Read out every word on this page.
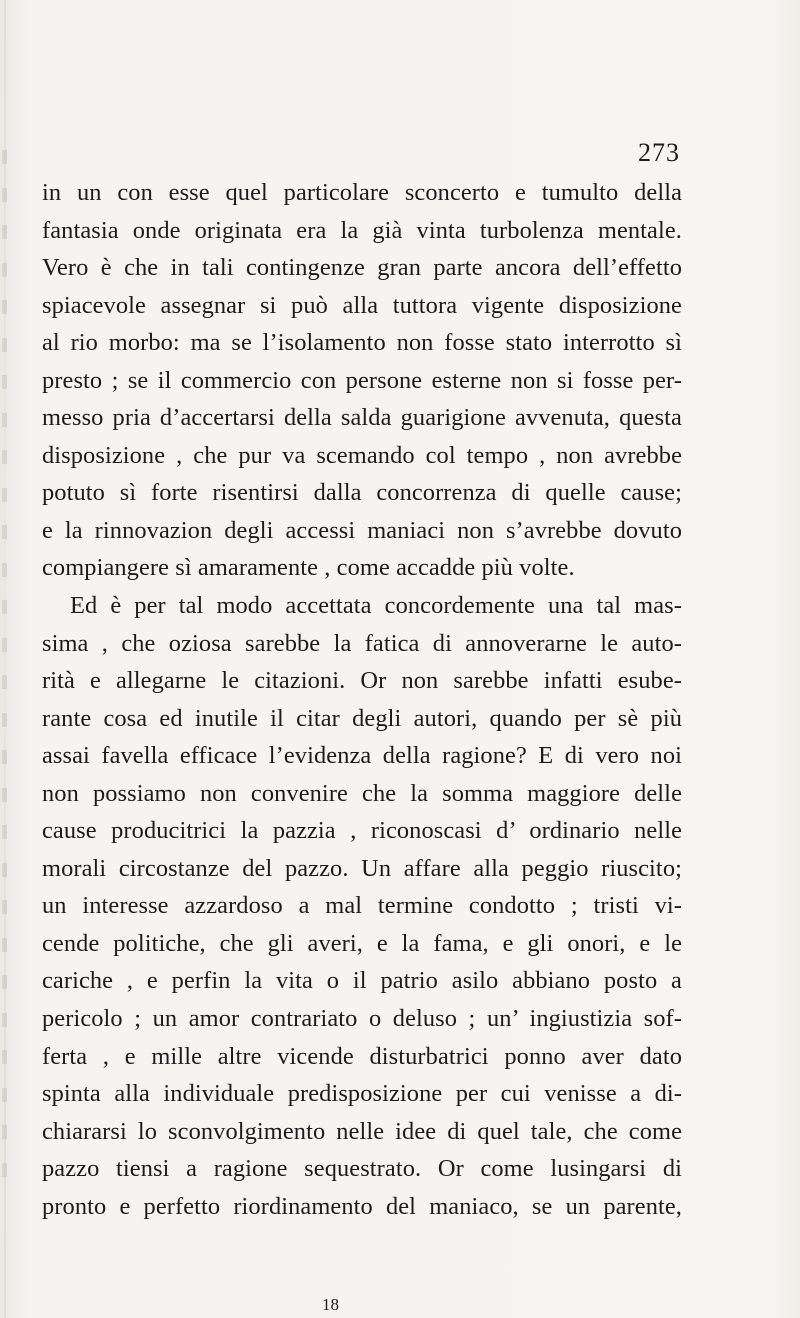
273
in un con esse quel particolare sconcerto e tumulto della
fantasia onde originata era la già vinta turbolenza mentale.
Vero è che in tali contingenze gran parte ancora dell’effetto
spiacevole assegnar si può alla tuttora vigente disposizione
al rio morbo: ma se l’isolamento non fosse stato interrotto sì
presto ; se il commercio con persone esterne non si fosse per-
messo pria d’accertarsi della salda guarigione avvenuta, questa
disposizione , che pur va scemando col tempo , non avrebbe
potuto sì forte risentirsi dalla concorrenza di quelle cause;
e la rinnovazion degli accessi maniaci non s’avrebbe dovuto
compiangere sì amaramente , come accadde più volte.
Ed è per tal modo accettata concordemente una tal mas-
sima , che oziosa sarebbe la fatica di annoverarne le auto-
rità e allegarne le citazioni. Or non sarebbe infatti esube-
rante cosa ed inutile il citar degli autori, quando per sè più
assai favella efficace l’evidenza della ragione? E di vero noi
non possiamo non convenire che la somma maggiore delle
cause producitrici la pazzia , riconoscasi d’ ordinario nelle
morali circostanze del pazzo. Un affare alla peggio riuscito;
un interesse azzardoso a mal termine condotto ; tristi vi-
cende politiche, che gli averi, e la fama, e gli onori, e le
cariche , e perfin la vita o il patrio asilo abbiano posto a
pericolo ; un amor contrariato o deluso ; un’ ingiustizia sof-
ferta , e mille altre vicende disturbatrici ponno aver dato
spinta alla individuale predisposizione per cui venisse a di-
chiararsi lo sconvolgimento nelle idee di quel tale, che come
pazzo tiensi a ragione sequestrato. Or come lusingarsi di
pronto e perfetto riordinamento del maniaco, se un parente,
18
